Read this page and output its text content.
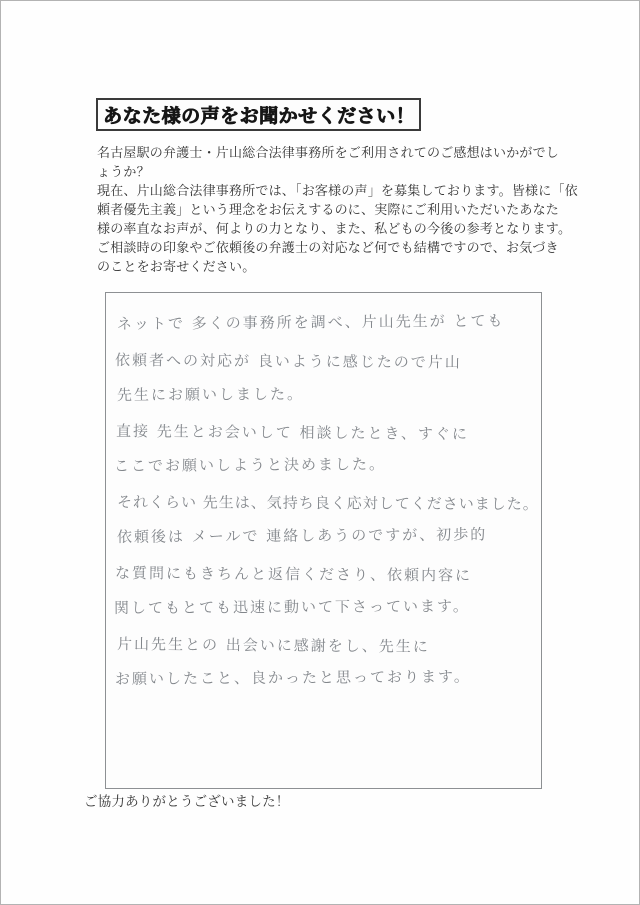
あなた様の声をお聞かせください！
名古屋駅の弁護士・片山総合法律事務所をご利用されてのご感想はいかがでし
ょうか？
現在、片山総合法律事務所では、「お客様の声」を募集しております。皆様に「依
頼者優先主義」という理念をお伝えするのに、実際にご利用いただいたあなた
様の率直なお声が、何よりの力となり、また、私どもの今後の参考となります。
ご相談時の印象やご依頼後の弁護士の対応など何でも結構ですので、お気づき
のことをお寄せください。
ネットで 多くの事務所を調べ、片山先生が とても
依頼者への対応が 良いように感じたので片山
先生にお願いしました。
直接 先生とお会いして 相談したとき、すぐに
ここでお願いしようと決めました。
それくらい 先生は、気持ち良く応対してくださいました。
依頼後は メールで 連絡しあうのですが、初歩的
な質問にもきちんと返信くださり、依頼内容に
関してもとても迅速に動いて下さっています。
片山先生との 出会いに感謝をし、先生に
お願いしたこと、良かったと思っております。
ご協力ありがとうございました！
